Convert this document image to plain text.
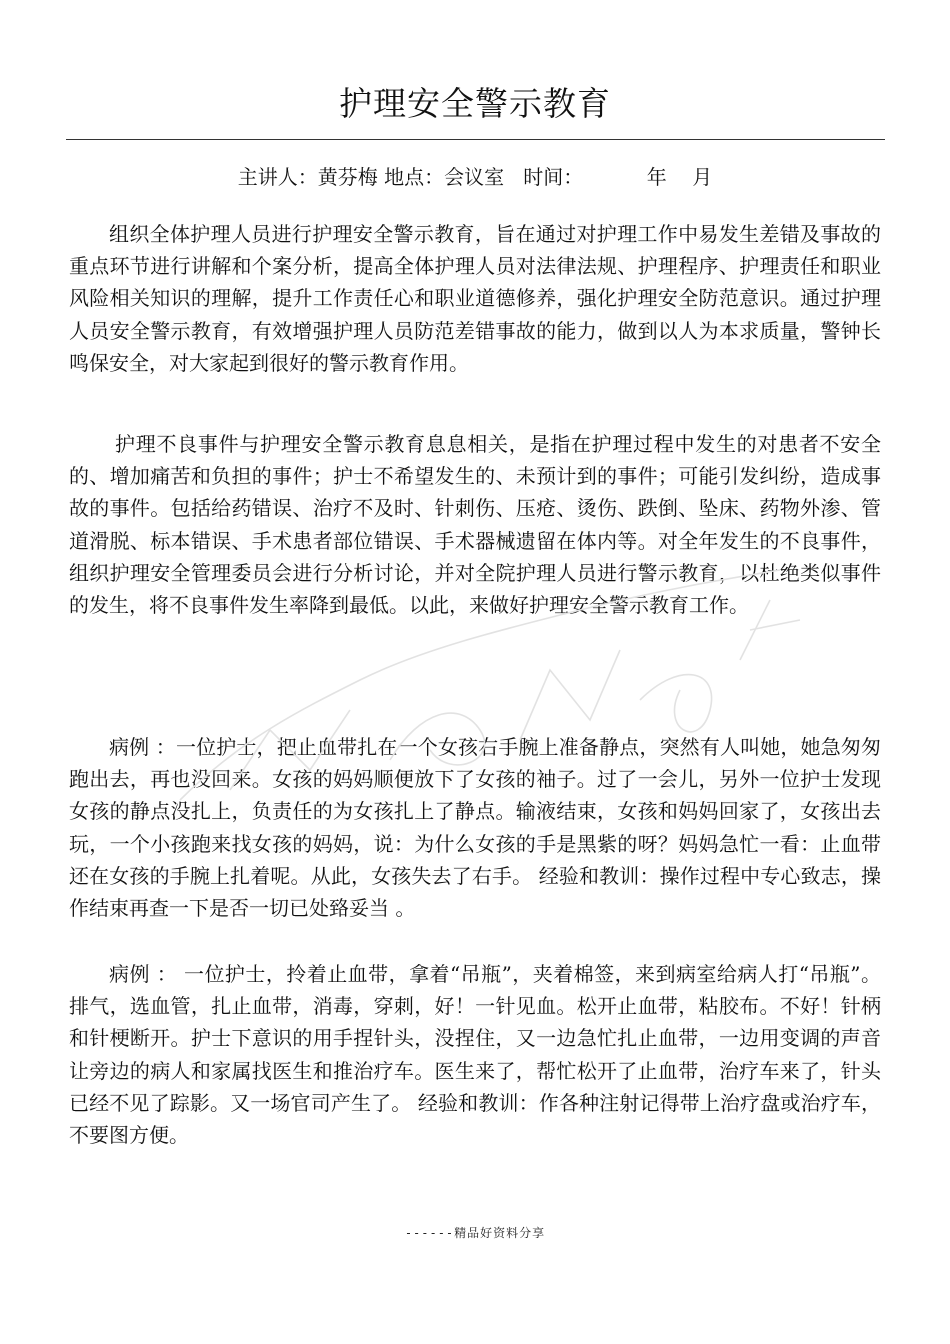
护理安全警示教育
主讲人：黄芬梅 地点：会议室 时间：	年 月
组织全体护理人员进行护理安全警示教育，旨在通过对护理工作中易发生差错及事故的重点环节进行讲解和个案分析，提高全体护理人员对法律法规、护理程序、护理责任和职业风险相关知识的理解，提升工作责任心和职业道德修养，强化护理安全防范意识。通过护理人员安全警示教育，有效增强护理人员防范差错事故的能力，做到以人为本求质量，警钟长鸣保安全，对大家起到很好的警示教育作用。
护理不良事件与护理安全警示教育息息相关，是指在护理过程中发生的对患者不安全的、增加痛苦和负担的事件；护士不希望发生的、未预计到的事件；可能引发纠纷，造成事故的事件。包括给药错误、治疗不及时、针刺伤、压疮、烫伤、跌倒、坠床、药物外渗、管道滑脱、标本错误、手术患者部位错误、手术器械遗留在体内等。对全年发生的不良事件，组织护理安全管理委员会进行分析讨论，并对全院护理人员进行警示教育，以杜绝类似事件的发生，将不良事件发生率降到最低。以此，来做好护理安全警示教育工作。
病例 ：一位护士，把止血带扎在一个女孩右手腕上准备静点，突然有人叫她，她急匆匆跑出去，再也没回来。女孩的妈妈顺便放下了女孩的袖子。过了一会儿，另外一位护士发现女孩的静点没扎上，负责任的为女孩扎上了静点。输液结束，女孩和妈妈回家了，女孩出去玩，一个小孩跑来找女孩的妈妈，说：为什么女孩的手是黑紫的呀？妈妈急忙一看：止血带还在女孩的手腕上扎着呢。从此，女孩失去了右手。 经验和教训：操作过程中专心致志，操作结束再查一下是否一切已处臵妥当 。
病例 ： 一位护士，拎着止血带，拿着“吊瓶”，夹着棉签，来到病室给病人打“吊瓶”。排气，选血管，扎止血带，消毒，穿刺，好！一针见血。松开止血带，粘胶布。不好！针柄和针梗断开。护士下意识的用手捏针头，没捏住，又一边急忙扎止血带，一边用变调的声音让旁边的病人和家属找医生和推治疗车。医生来了，帮忙松开了止血带，治疗车来了，针头已经不见了踪影。又一场官司产生了。 经验和教训：作各种注射记得带上治疗盘或治疗车，不要图方便。
------精品好资料分享
